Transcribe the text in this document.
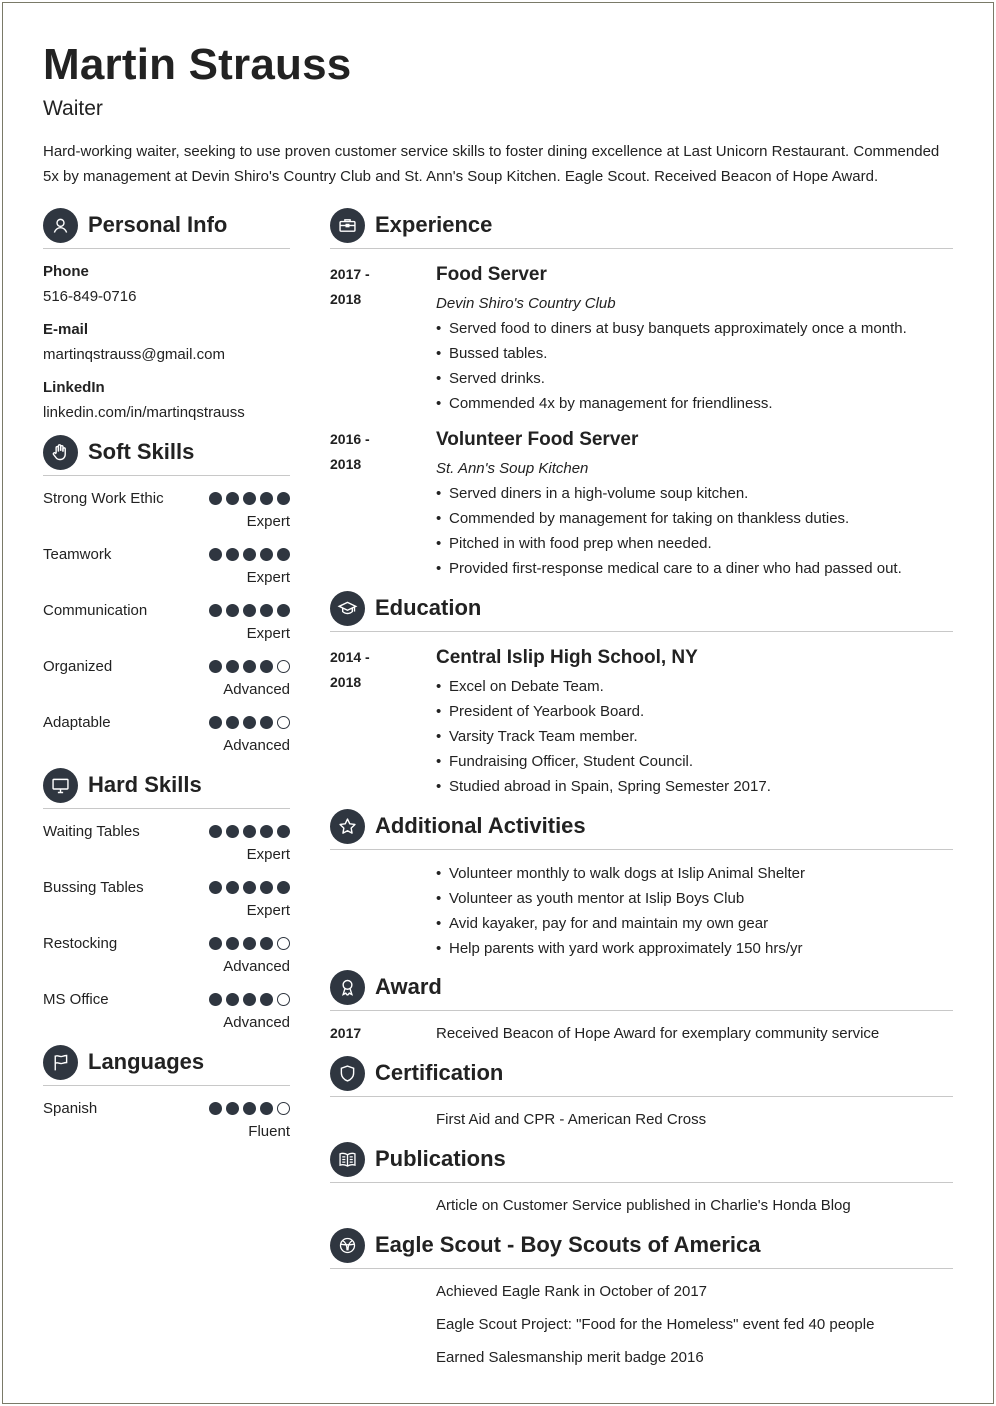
Martin Strauss
Waiter

Hard-working waiter, seeking to use proven customer service skills to foster dining excellence at Last Unicorn Restaurant. Commended 5x by management at Devin Shiro's Country Club and St. Ann's Soup Kitchen. Eagle Scout. Received Beacon of Hope Award.

Personal Info
Phone
516-849-0716
E-mail
martinqstrauss@gmail.com
LinkedIn
linkedin.com/in/martinqstrauss
Soft Skills
Strong Work Ethic
Expert
Teamwork
Expert
Communication
Expert
Organized
Advanced
Adaptable
Advanced
Hard Skills
Waiting Tables
Expert
Bussing Tables
Expert
Restocking
Advanced
MS Office
Advanced
Languages
Spanish
Fluent
Experience
2017 -
2018
Food Server
Devin Shiro's Country Club
• Served food to diners at busy banquets approximately once a month.
• Bussed tables.
• Served drinks.
• Commended 4x by management for friendliness.
2016 -
2018
Volunteer Food Server
St. Ann's Soup Kitchen
• Served diners in a high-volume soup kitchen.
• Commended by management for taking on thankless duties.
• Pitched in with food prep when needed.
• Provided first-response medical care to a diner who had passed out.
Education
2014 -
2018
Central Islip High School, NY
• Excel on Debate Team.
• President of Yearbook Board.
• Varsity Track Team member.
• Fundraising Officer, Student Council.
• Studied abroad in Spain, Spring Semester 2017.
Additional Activities
• Volunteer monthly to walk dogs at Islip Animal Shelter
• Volunteer as youth mentor at Islip Boys Club
• Avid kayaker, pay for and maintain my own gear
• Help parents with yard work approximately 150 hrs/yr
Award
2017	Received Beacon of Hope Award for exemplary community service
Certification
First Aid and CPR - American Red Cross
Publications
Article on Customer Service published in Charlie's Honda Blog
Eagle Scout - Boy Scouts of America
Achieved Eagle Rank in October of 2017
Eagle Scout Project: "Food for the Homeless" event fed 40 people
Earned Salesmanship merit badge 2016
